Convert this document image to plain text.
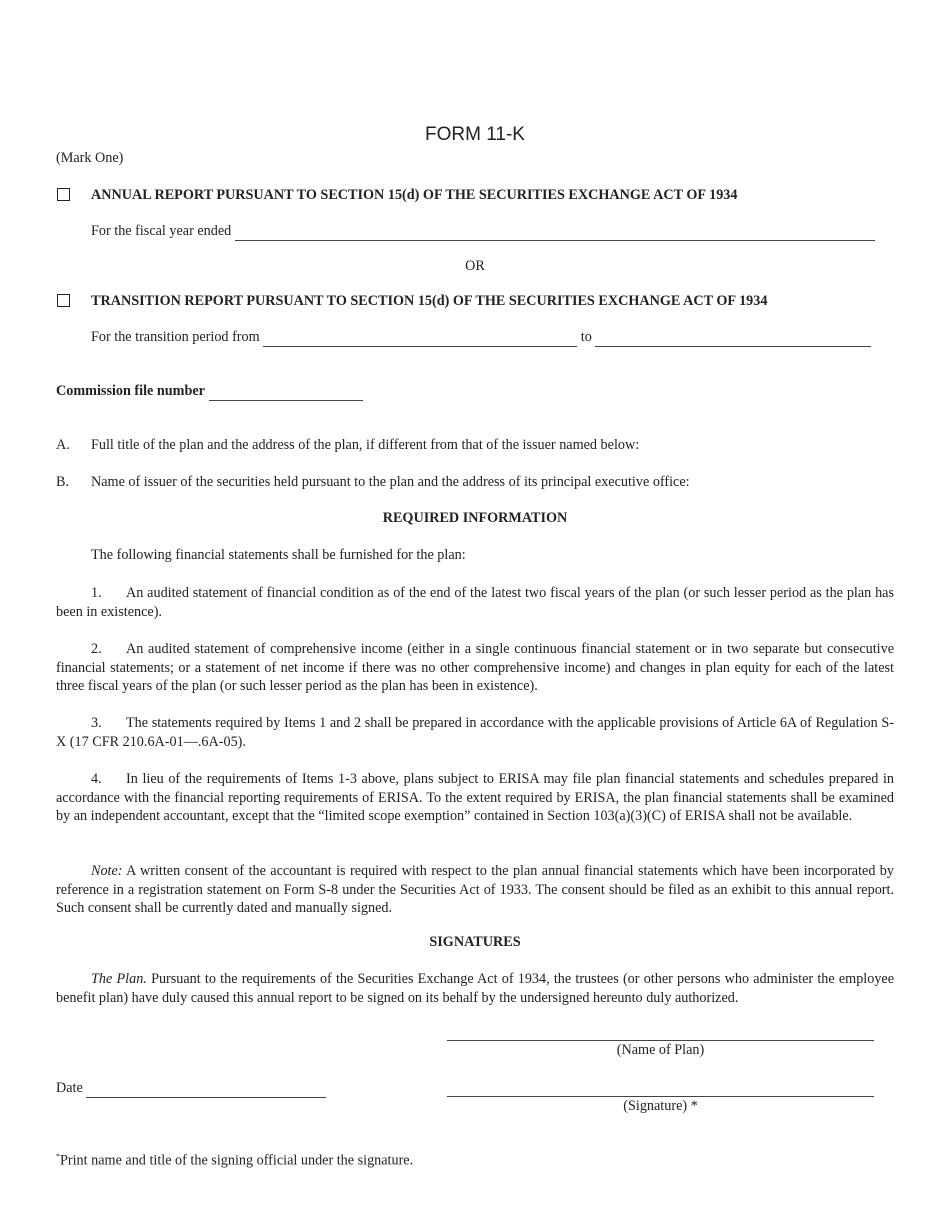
FORM 11-K
(Mark One)
ANNUAL REPORT PURSUANT TO SECTION 15(d) OF THE SECURITIES EXCHANGE ACT OF 1934
For the fiscal year ended
OR
TRANSITION REPORT PURSUANT TO SECTION 15(d) OF THE SECURITIES EXCHANGE ACT OF 1934
For the transition period from	to
Commission file number
A. Full title of the plan and the address of the plan, if different from that of the issuer named below:
B. Name of issuer of the securities held pursuant to the plan and the address of its principal executive office:
REQUIRED INFORMATION
The following financial statements shall be furnished for the plan:
1. An audited statement of financial condition as of the end of the latest two fiscal years of the plan (or such lesser period as the plan has been in existence).
2. An audited statement of comprehensive income (either in a single continuous financial statement or in two separate but consecutive financial statements; or a statement of net income if there was no other comprehensive income) and changes in plan equity for each of the latest three fiscal years of the plan (or such lesser period as the plan has been in existence).
3. The statements required by Items 1 and 2 shall be prepared in accordance with the applicable provisions of Article 6A of Regulation S-X (17 CFR 210.6A-01—.6A-05).
4. In lieu of the requirements of Items 1-3 above, plans subject to ERISA may file plan financial statements and schedules prepared in accordance with the financial reporting requirements of ERISA. To the extent required by ERISA, the plan financial statements shall be examined by an independent accountant, except that the “limited scope exemption” contained in Section 103(a)(3)(C) of ERISA shall not be available.
Note: A written consent of the accountant is required with respect to the plan annual financial statements which have been incorporated by reference in a registration statement on Form S-8 under the Securities Act of 1933. The consent should be filed as an exhibit to this annual report. Such consent shall be currently dated and manually signed.
SIGNATURES
The Plan. Pursuant to the requirements of the Securities Exchange Act of 1934, the trustees (or other persons who administer the employee benefit plan) have duly caused this annual report to be signed on its behalf by the undersigned hereunto duly authorized.
(Name of Plan)
Date
(Signature) *
*Print name and title of the signing official under the signature.
